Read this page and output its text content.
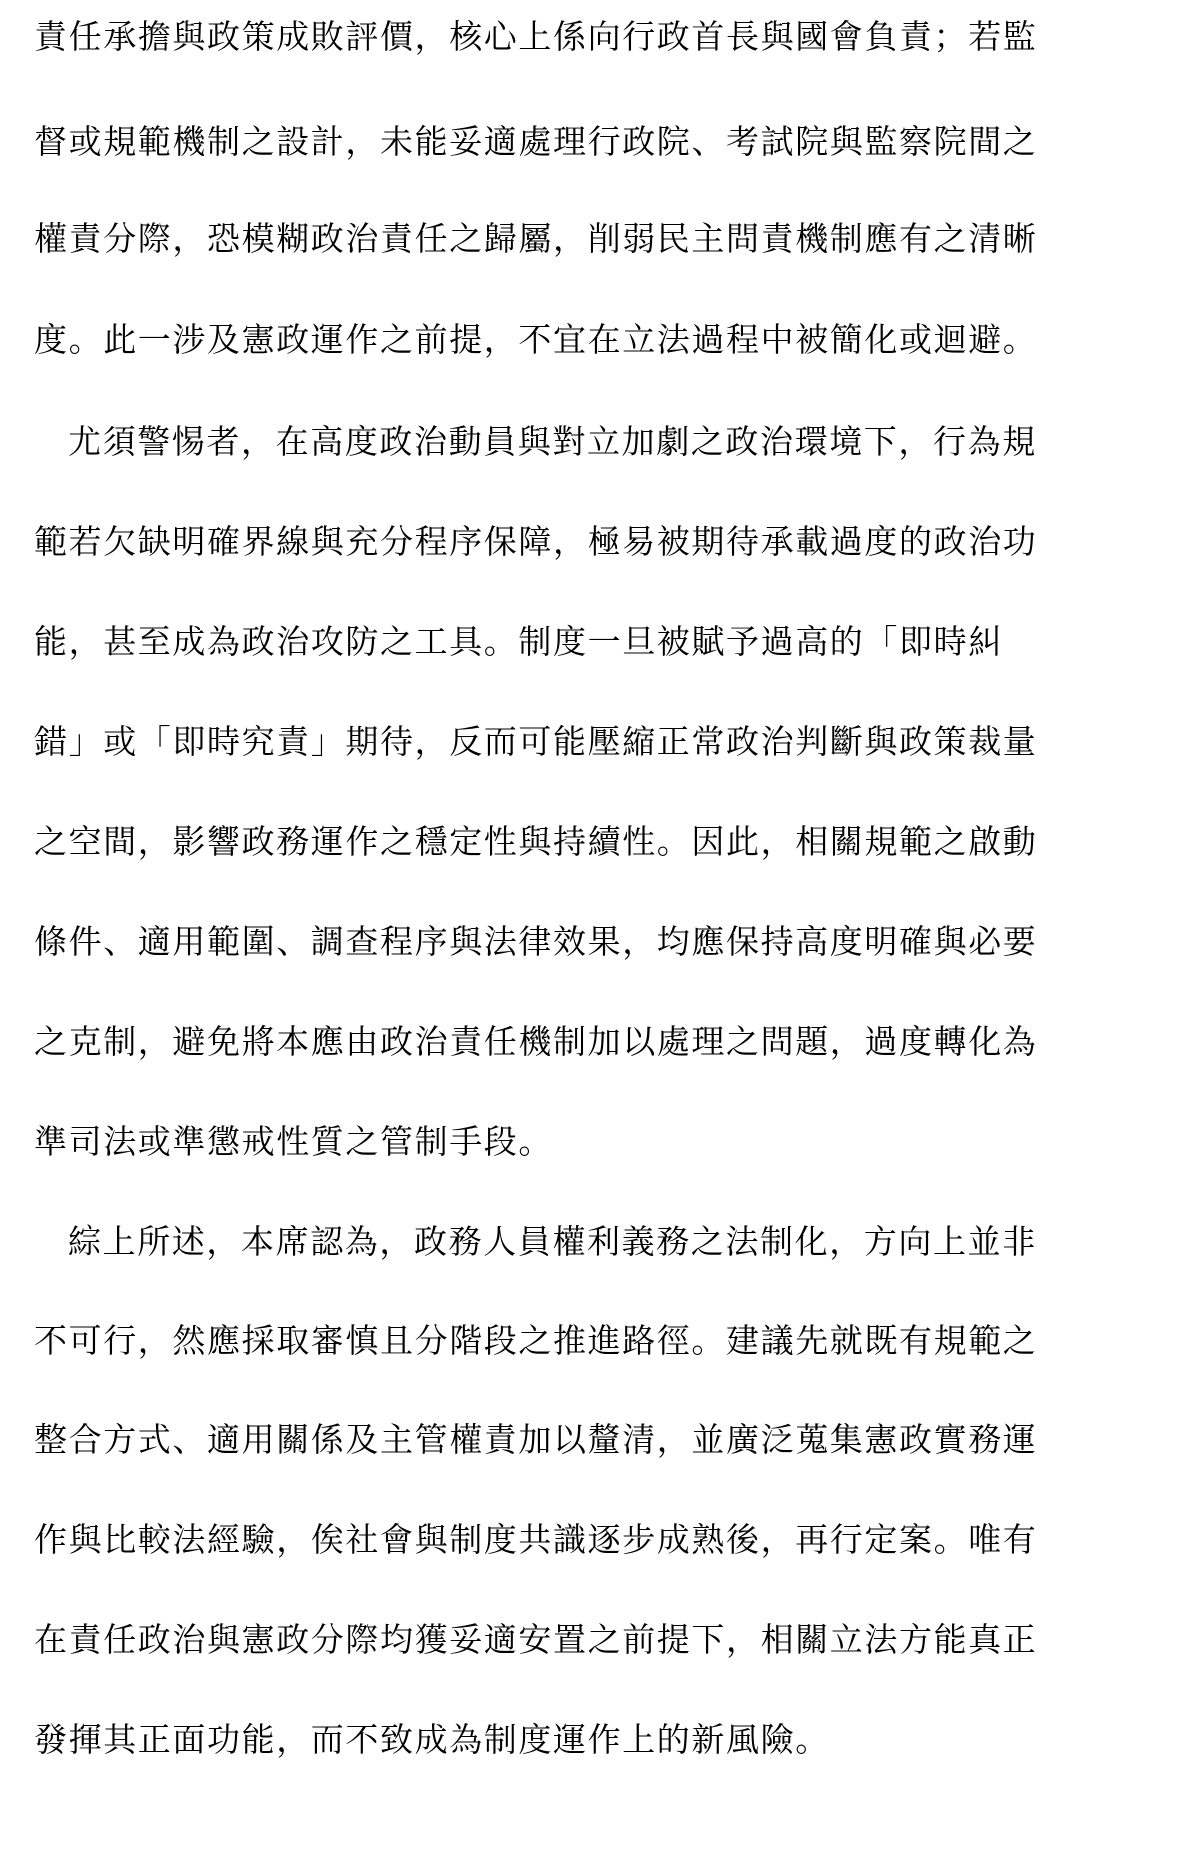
責任承擔與政策成敗評價，核心上係向行政首長與國會負責；若監
督或規範機制之設計，未能妥適處理行政院、考試院與監察院間之
權責分際，恐模糊政治責任之歸屬，削弱民主問責機制應有之清晰
度。此一涉及憲政運作之前提，不宜在立法過程中被簡化或迴避。
尤須警惕者，在高度政治動員與對立加劇之政治環境下，行為規
範若欠缺明確界線與充分程序保障，極易被期待承載過度的政治功
能，甚至成為政治攻防之工具。制度一旦被賦予過高的「即時糾
錯」或「即時究責」期待，反而可能壓縮正常政治判斷與政策裁量
之空間，影響政務運作之穩定性與持續性。因此，相關規範之啟動
條件、適用範圍、調查程序與法律效果，均應保持高度明確與必要
之克制，避免將本應由政治責任機制加以處理之問題，過度轉化為
準司法或準懲戒性質之管制手段。
綜上所述，本席認為，政務人員權利義務之法制化，方向上並非
不可行，然應採取審慎且分階段之推進路徑。建議先就既有規範之
整合方式、適用關係及主管權責加以釐清，並廣泛蒐集憲政實務運
作與比較法經驗，俟社會與制度共識逐步成熟後，再行定案。唯有
在責任政治與憲政分際均獲妥適安置之前提下，相關立法方能真正
發揮其正面功能，而不致成為制度運作上的新風險。
